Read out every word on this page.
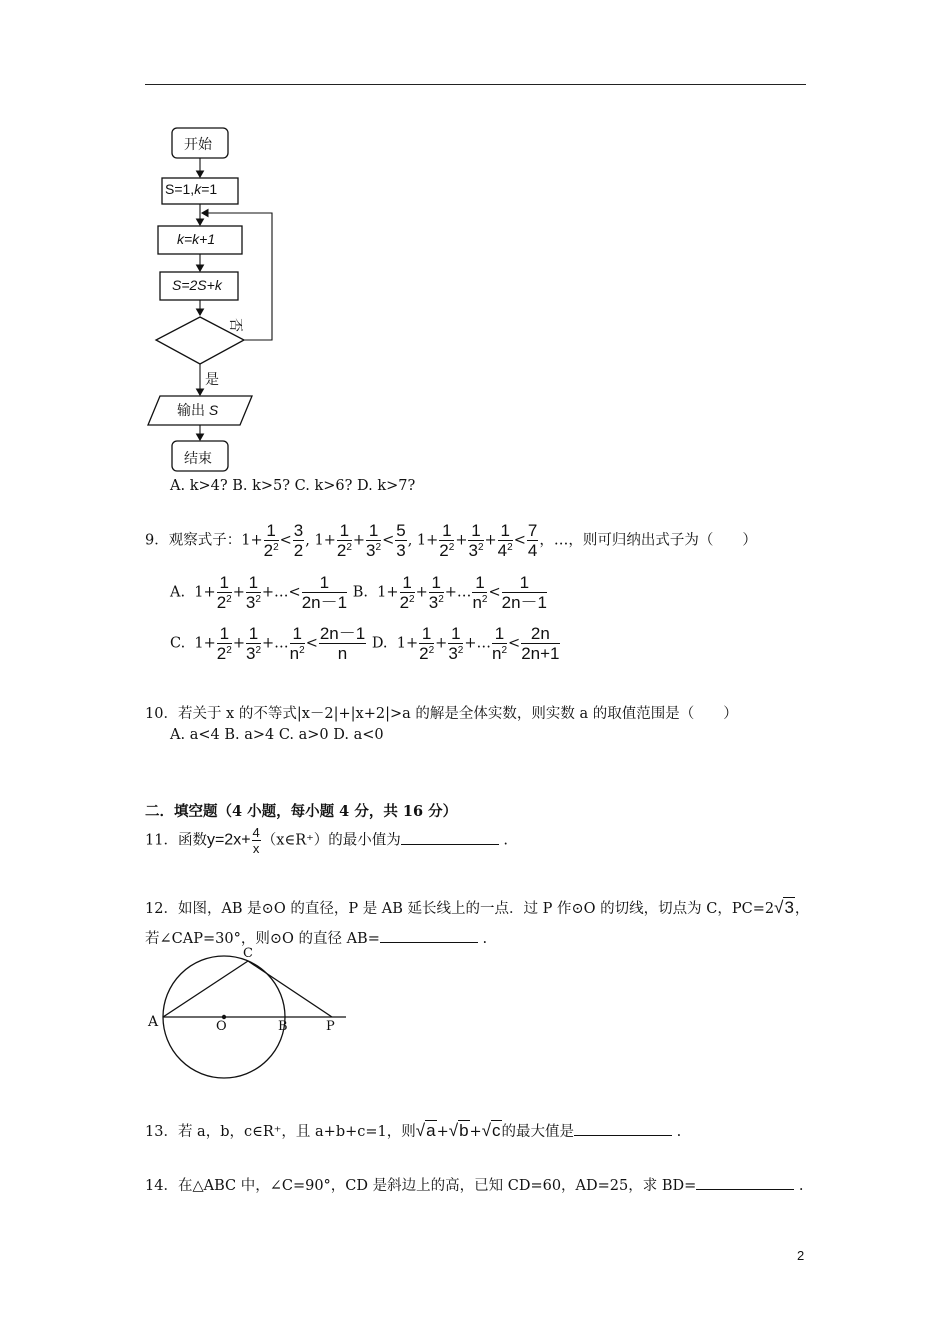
开始
S=1,k=1
k=k+1
S=2S+k
否
是
输出 S
结束
A. k>4? B. k>5? C. k>6? D. k>7?
9．观察式子：$1+ \frac{1}{2^2} < \frac{3}{2}$ , $1+ \frac{1}{2^2} + \frac{1}{3^2} < \frac{5}{3}$ , $1+ \frac{1}{2^2} + \frac{1}{3^2} + \frac{1}{4^2} < \frac{7}{4}$ ，…，则可归纳出式子为（　　）
A.  $1+ \frac{1}{2^2} + \frac{1}{3^2}$ +…< $\frac{1}{2n-1} B$.  $1+ \frac{1}{2^2} + \frac{1}{3^2}$ +… $\frac{1}{n^2} < \frac{1}{2n-1}$
C.  $1+ \frac{1}{2^2} + \frac{1}{3^2}$ +… $\frac{1}{n^2} < \frac{2n-1}{n} D$.  $1+ \frac{1}{2^2} + \frac{1}{3^2}$ +… $\frac{1}{n^2} < \frac{2n}{2n+1}$
10．若关于 x 的不等式|x－2|+|x+2|>a 的解是全体实数，则实数 a 的取值范围是（　　）
A. a<4 B. a>4 C. a>0 D. a<0
二．填空题（4 小题，每小题 4 分，共 16 分）
11．函数$y=2x+ \frac{4}{x}$ （x∈R⁺）的最小值为	.
12．如图，AB 是⊙O 的直径，P 是 AB 延长线上的一点．过 P 作⊙O 的切线，切点为 C，PC=2√3，
若∠CAP=30°，则⊙O 的直径 AB=	.
A	O	B	P
C
13．若 a，b，c∈R⁺，且 a+b+c=1，则√a+√b+√c的最大值是	.
14．在△ABC 中，∠C=90°，CD 是斜边上的高，已知 CD=60，AD=25，求 BD=	.
2
